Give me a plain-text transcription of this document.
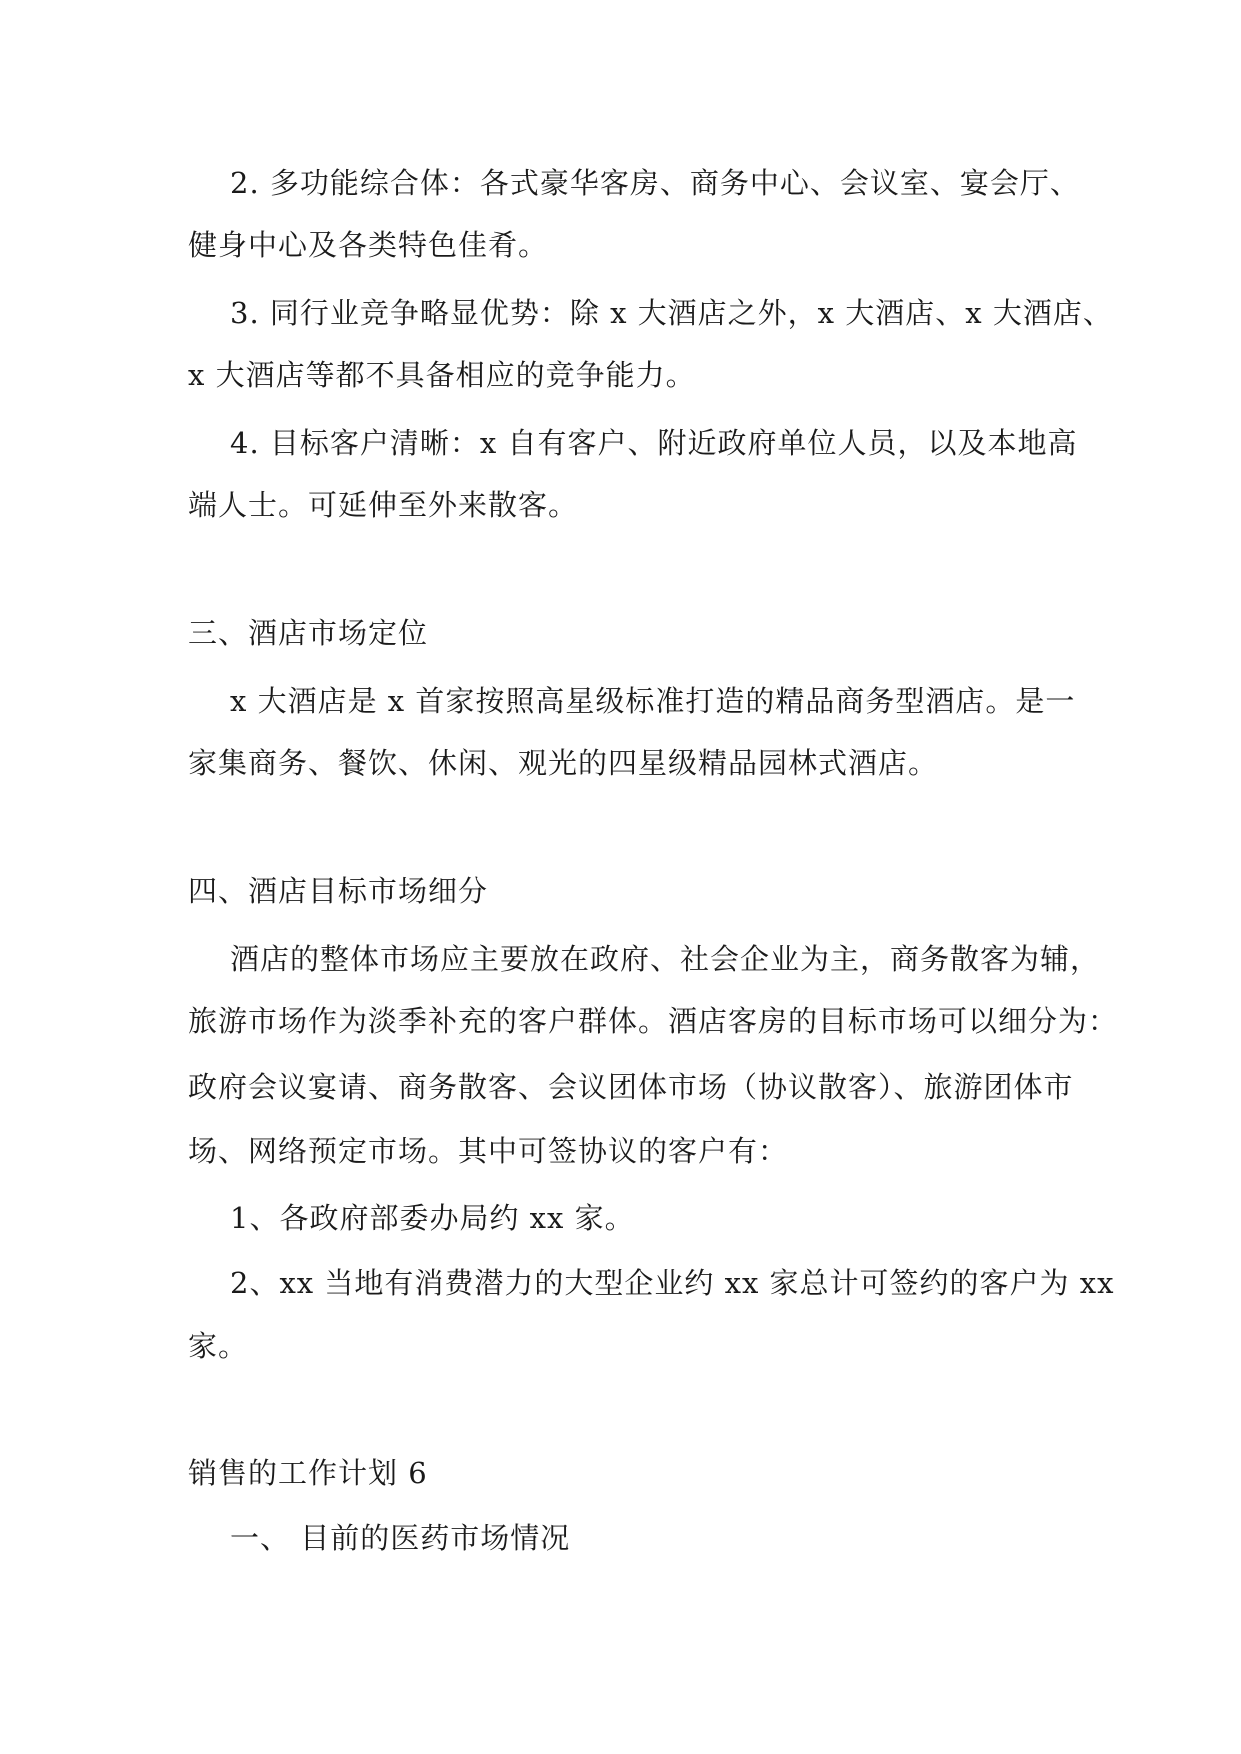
2. 多功能综合体：各式豪华客房、商务中心、会议室、宴会厅、
健身中心及各类特色佳肴。
3. 同行业竞争略显优势：除 x 大酒店之外，x 大酒店、x 大酒店、
x 大酒店等都不具备相应的竞争能力。
4. 目标客户清晰：x 自有客户、附近政府单位人员，以及本地高
端人士。可延伸至外来散客。
三、酒店市场定位
x 大酒店是 x 首家按照高星级标准打造的精品商务型酒店。是一
家集商务、餐饮、休闲、观光的四星级精品园林式酒店。
四、酒店目标市场细分
酒店的整体市场应主要放在政府、社会企业为主，商务散客为辅，
旅游市场作为淡季补充的客户群体。酒店客房的目标市场可以细分为：
政府会议宴请、商务散客、会议团体市场（协议散客）、旅游团体市
场、网络预定市场。其中可签协议的客户有：
1、各政府部委办局约 xx 家。
2、xx 当地有消费潜力的大型企业约 xx 家总计可签约的客户为 xx
家。
销售的工作计划 6
一、 目前的医药市场情况
